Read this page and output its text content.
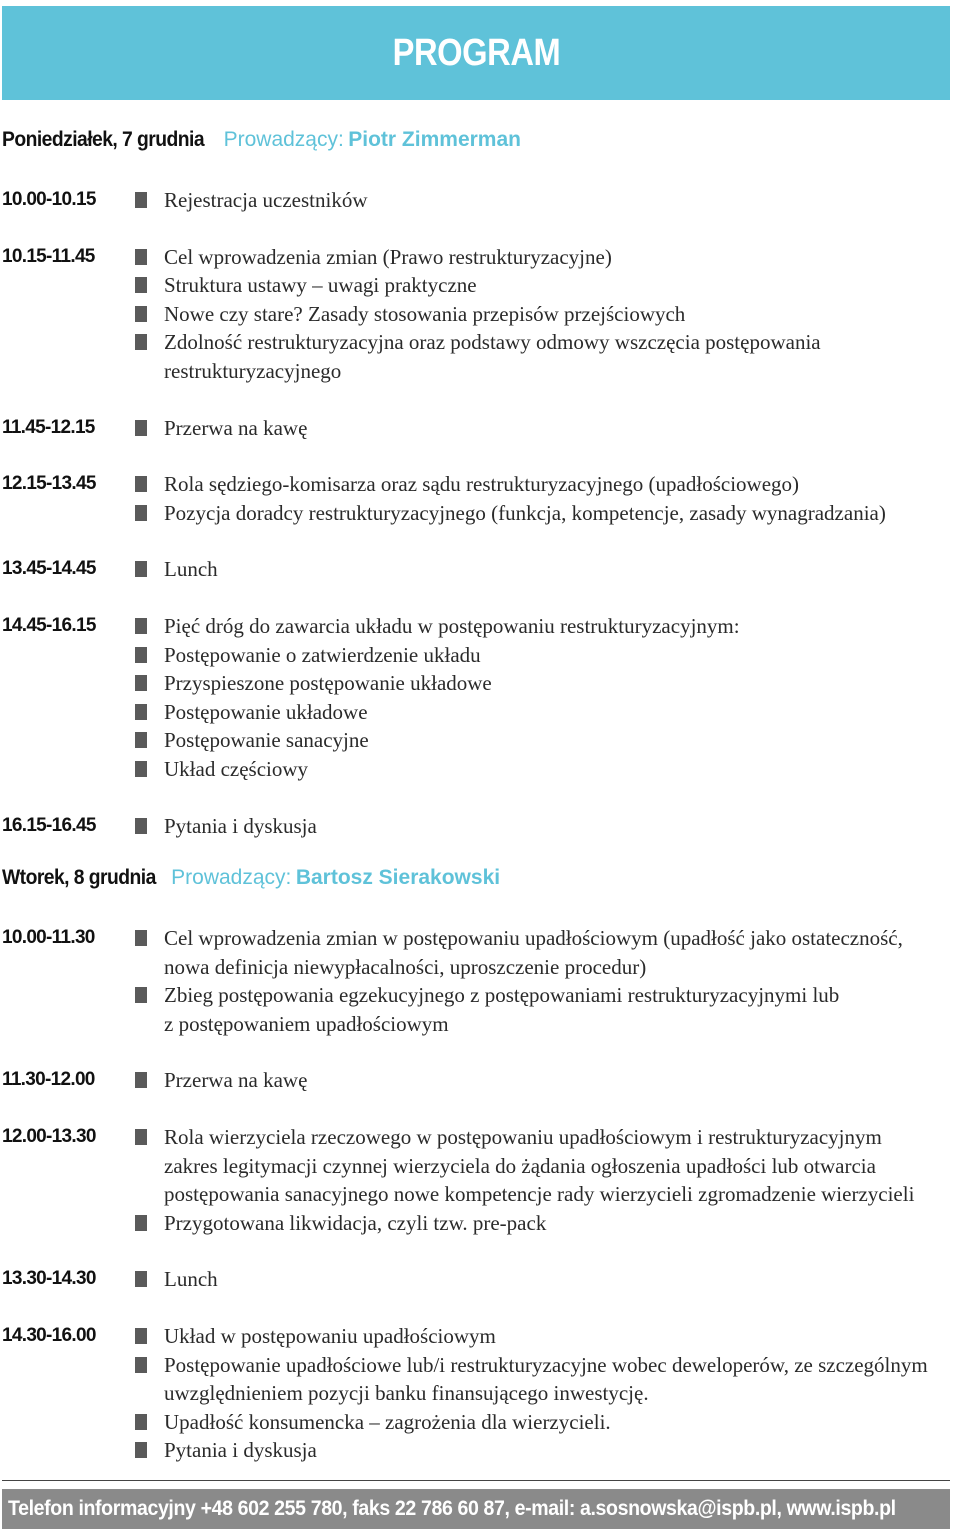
PROGRAM
Poniedziałek, 7 grudnia Prowadzący: Piotr Zimmerman
10.00-10.15	Rejestracja uczestników
10.15-11.45	Cel wprowadzenia zmian (Prawo restrukturyzacyjne)
Struktura ustawy – uwagi praktyczne
Nowe czy stare? Zasady stosowania przepisów przejściowych
Zdolność restrukturyzacyjna oraz podstawy odmowy wszczęcia postępowania
restrukturyzacyjnego
11.45-12.15	Przerwa na kawę
12.15-13.45	Rola sędziego-komisarza oraz sądu restrukturyzacyjnego (upadłościowego)
Pozycja doradcy restrukturyzacyjnego (funkcja, kompetencje, zasady wynagradzania)
13.45-14.45	Lunch
14.45-16.15	Pięć dróg do zawarcia układu w postępowaniu restrukturyzacyjnym:
Postępowanie o zatwierdzenie układu
Przyspieszone postępowanie układowe
Postępowanie układowe
Postępowanie sanacyjne
Układ częściowy
16.15-16.45	Pytania i dyskusja
Wtorek, 8 grudnia Prowadzący: Bartosz Sierakowski
10.00-11.30	Cel wprowadzenia zmian w postępowaniu upadłościowym (upadłość jako ostateczność,
nowa definicja niewypłacalności, uproszczenie procedur)
Zbieg postępowania egzekucyjnego z postępowaniami restrukturyzacyjnymi lub
z postępowaniem upadłościowym
11.30-12.00	Przerwa na kawę
12.00-13.30	Rola wierzyciela rzeczowego w postępowaniu upadłościowym i restrukturyzacyjnym
zakres legitymacji czynnej wierzyciela do żądania ogłoszenia upadłości lub otwarcia
postępowania sanacyjnego nowe kompetencje rady wierzycieli zgromadzenie wierzycieli
Przygotowana likwidacja, czyli tzw. pre-pack
13.30-14.30	Lunch
14.30-16.00	Układ w postępowaniu upadłościowym
Postępowanie upadłościowe lub/i restrukturyzacyjne wobec deweloperów, ze szczególnym
uwzględnieniem pozycji banku finansującego inwestycję.
Upadłość konsumencka – zagrożenia dla wierzycieli.
Pytania i dyskusja
Telefon informacyjny +48 602 255 780, faks 22 786 60 87, e-mail: a.sosnowska@ispb.pl, www.ispb.pl
